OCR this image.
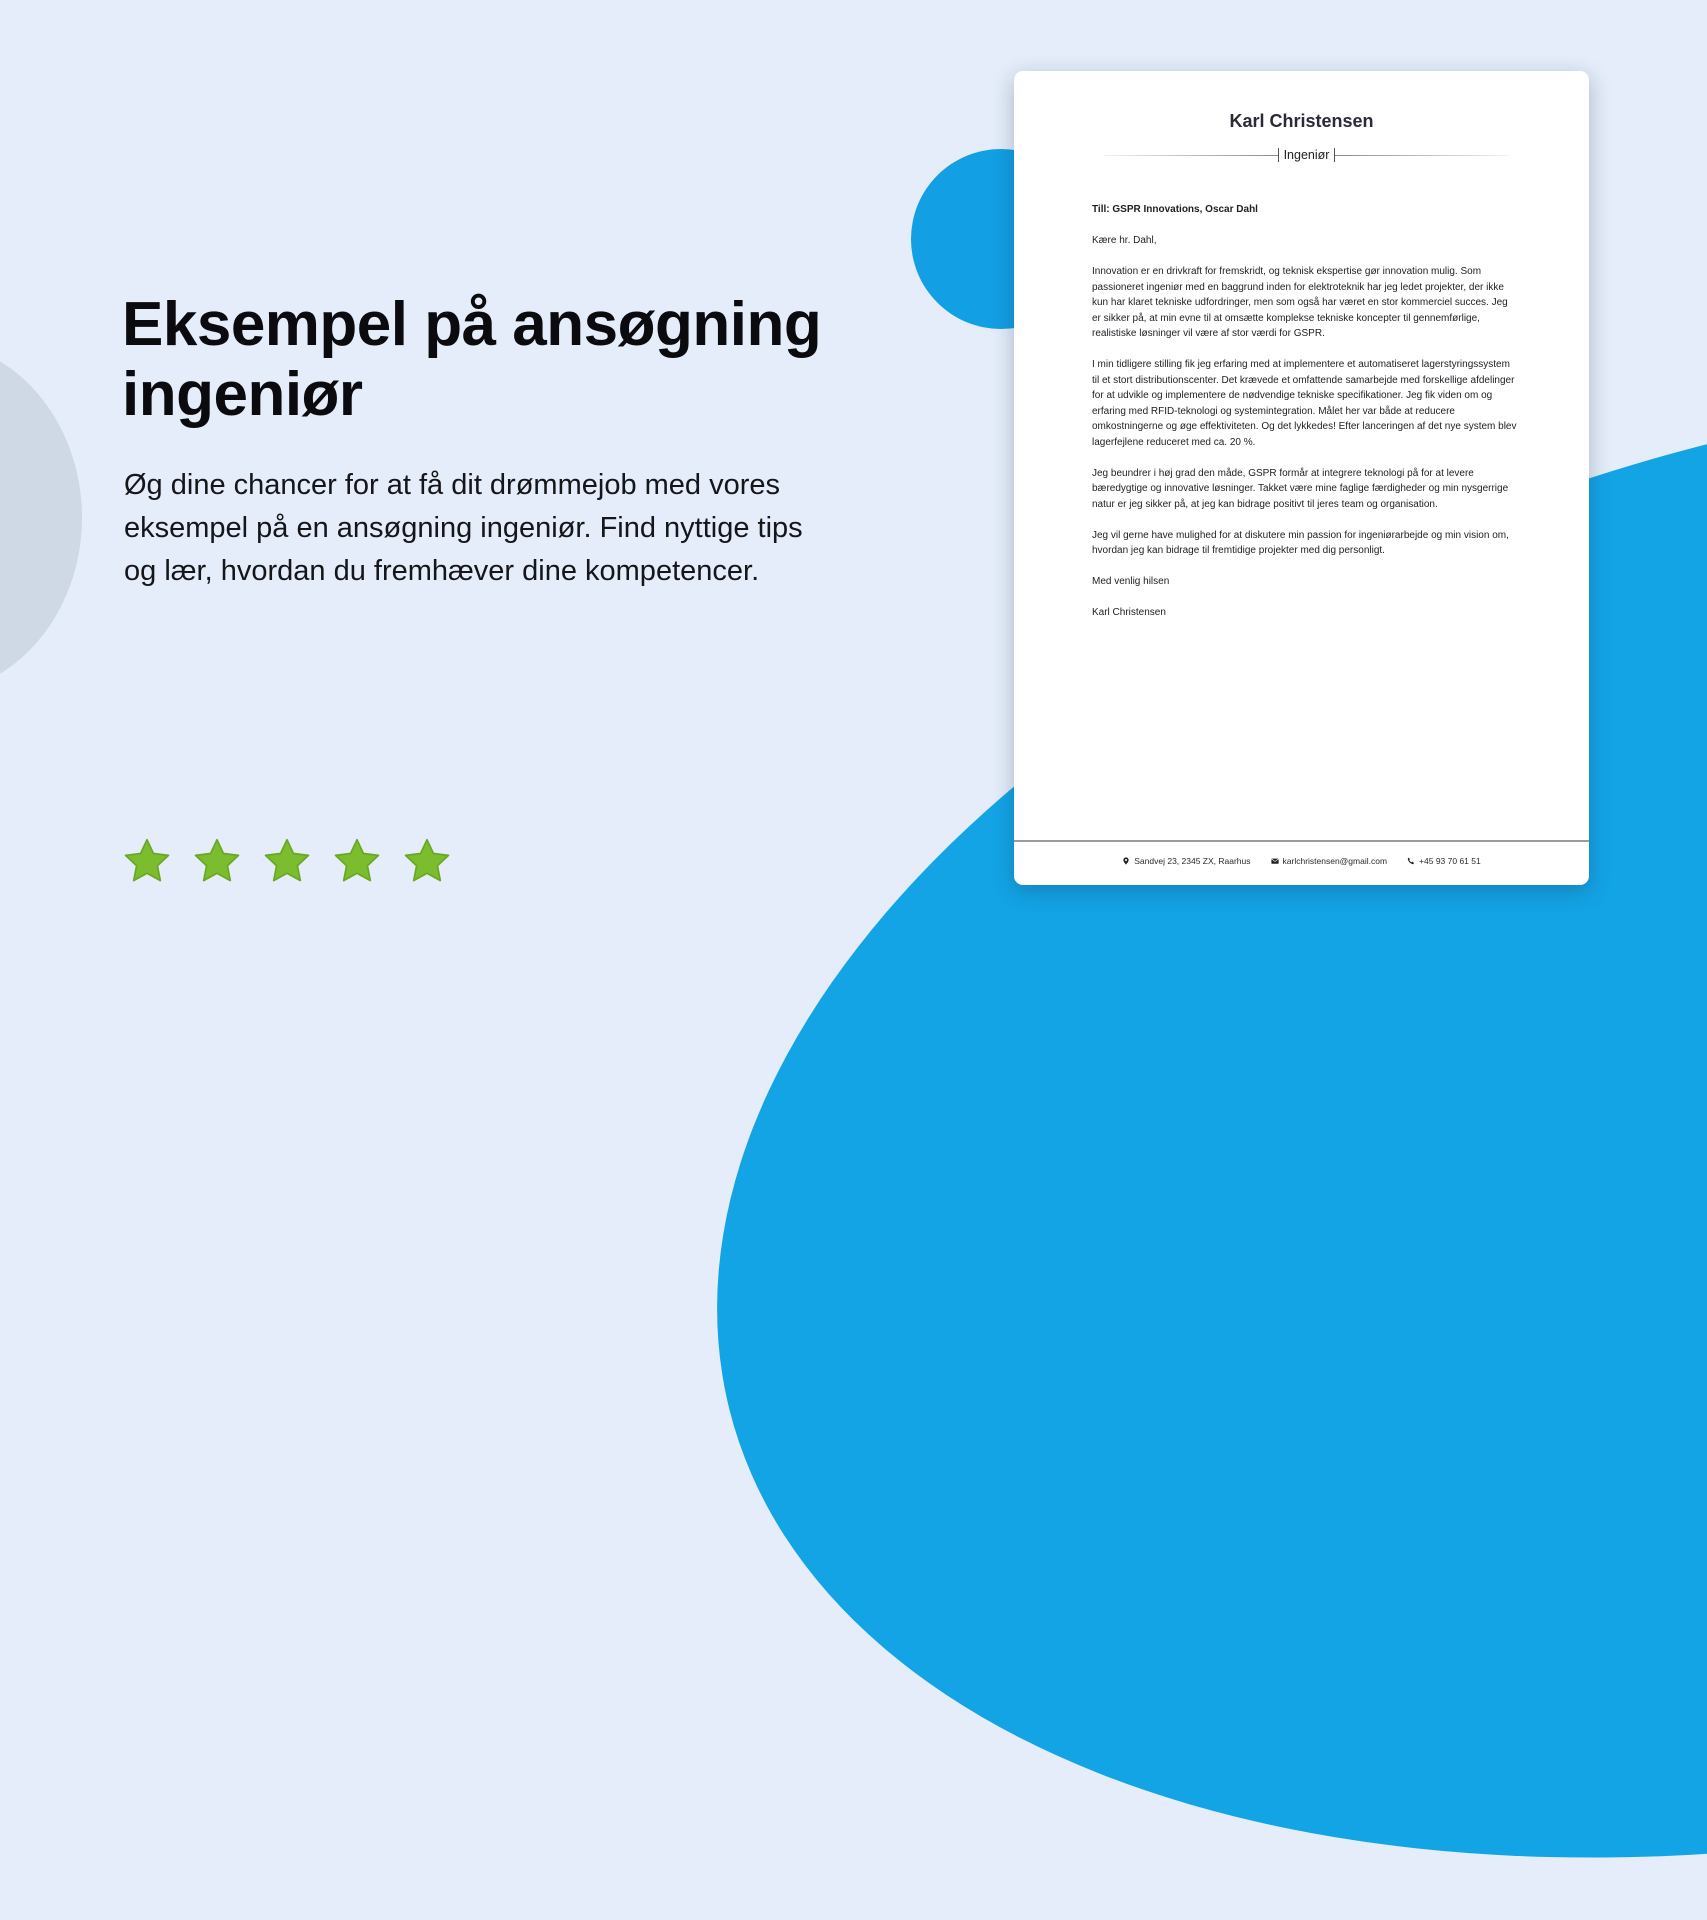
Eksempel på ansøgning ingeniør

Øg dine chancer for at få dit drømmejob med vores eksempel på en ansøgning ingeniør. Find nyttige tips og lær, hvordan du fremhæver dine kompetencer.

Karl Christensen
Ingeniør

Till: GSPR Innovations, Oscar Dahl

Kære hr. Dahl,

Innovation er en drivkraft for fremskridt, og teknisk ekspertise gør innovation mulig. Som passioneret ingeniør med en baggrund inden for elektroteknik har jeg ledet projekter, der ikke kun har klaret tekniske udfordringer, men som også har været en stor kommerciel succes. Jeg er sikker på, at min evne til at omsætte komplekse tekniske koncepter til gennemførlige, realistiske løsninger vil være af stor værdi for GSPR.

I min tidligere stilling fik jeg erfaring med at implementere et automatiseret lagerstyringssystem til et stort distributionscenter. Det krævede et omfattende samarbejde med forskellige afdelinger for at udvikle og implementere de nødvendige tekniske specifikationer. Jeg fik viden om og erfaring med RFID-teknologi og systemintegration. Målet her var både at reducere omkostningerne og øge effektiviteten. Og det lykkedes! Efter lanceringen af det nye system blev lagerfejlene reduceret med ca. 20 %.

Jeg beundrer i høj grad den måde, GSPR formår at integrere teknologi på for at levere bæredygtige og innovative løsninger. Takket være mine faglige færdigheder og min nysgerrige natur er jeg sikker på, at jeg kan bidrage positivt til jeres team og organisation.

Jeg vil gerne have mulighed for at diskutere min passion for ingeniørarbejde og min vision om, hvordan jeg kan bidrage til fremtidige projekter med dig personligt.

Med venlig hilsen

Karl Christensen

Sandvej 23, 2345 ZX, Raarhus	karlchristensen@gmail.com	+45 93 70 61 51
